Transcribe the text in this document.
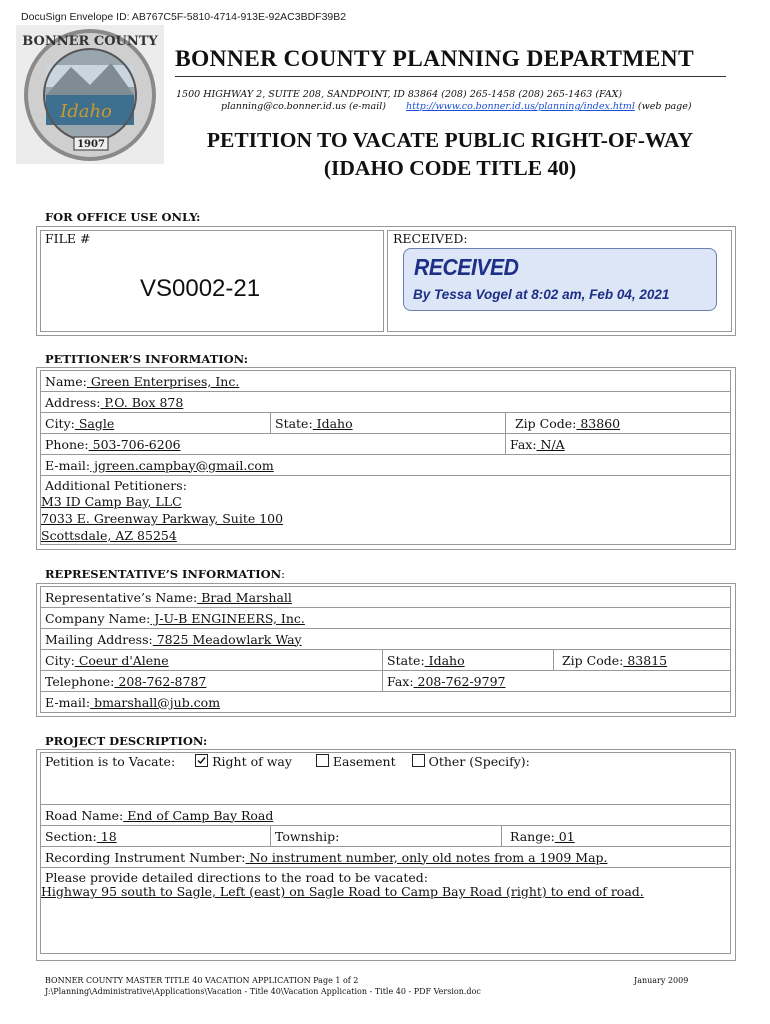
DocuSign Envelope ID: AB767C5F-5810-4714-913E-92AC3BDF39B2
BONNER COUNTY
Idaho
1907
BONNER COUNTY PLANNING DEPARTMENT
1500 HIGHWAY 2, SUITE 208, SANDPOINT, ID 83864 (208) 265-1458 (208) 265-1463 (FAX)
planning@co.bonner.id.us (e-mail) http://www.co.bonner.id.us/planning/index.html (web page)
PETITION TO VACATE PUBLIC RIGHT-OF-WAY
(IDAHO CODE TITLE 40)
FOR OFFICE USE ONLY:
FILE #	RECEIVED:
VS0002-21
RECEIVED
By Tessa Vogel at 8:02 am, Feb 04, 2021
PETITIONER’S INFORMATION:
Name: Green Enterprises, Inc.		
Address: P.O. Box 878		
City: Sagle	State: Idaho	Zip Code: 83860
Phone: 503-706-6206		Fax: N/A
E-mail: jgreen.campbay@gmail.com		

Additional Petitioners:
M3 ID Camp Bay, LLC
7033 E. Greenway Parkway, Suite 100
Scottsdale, AZ 85254		
REPRESENTATIVE’S INFORMATION:
Representative’s Name: Brad Marshall		
Company Name: J-U-B ENGINEERS, Inc.		
Mailing Address: 7825 Meadowlark Way		
City: Coeur d'Alene	State: Idaho	Zip Code: 83815
Telephone: 208-762-8787	Fax: 208-762-9797	
E-mail: bmarshall@jub.com		
PROJECT DESCRIPTION:
Petition is to Vacate:	Right of way	Easement	Other (Specify):
Road Name: End of Camp Bay Road
Section: 18	Township:	Range: 01
Recording Instrument Number: No instrument number, only old notes from a 1909 Map.

Please provide detailed directions to the road to be vacated:
Highway 95 south to Sagle, Left (east) on Sagle Road to Camp Bay Road (right) to end of road.
BONNER COUNTY MASTER TITLE 40 VACATION APPLICATION Page 1 of 2	January 2009
J:\Planning\Administrative\Applications\Vacation - Title 40\Vacation Application - Title 40 - PDF Version.doc
